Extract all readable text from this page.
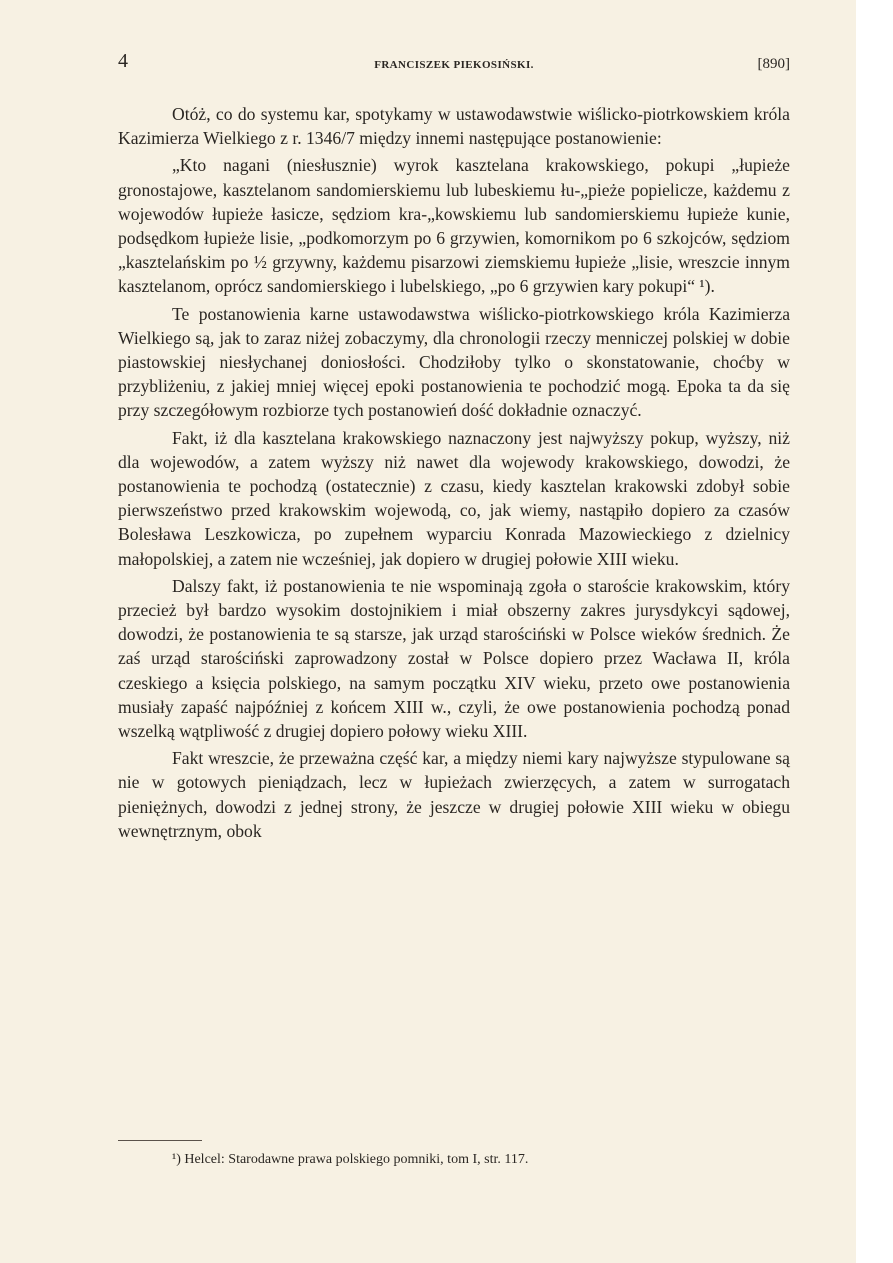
4	FRANCISZEK PIEKOSIŃSKI.	[890]

Otóż, co do systemu kar, spotykamy w ustawodawstwie wiślicko-piotrkowskiem króla Kazimierza Wielkiego z r. 1346/7 między innemi następujące postanowienie:

„Kto nagani (niesłusznie) wyrok kasztelana krakowskiego, pokupi „łupieże gronostajowe, kasztelanom sandomierskiemu lub lubeskiemu łu-„pieże popielicze, każdemu z wojewodów łupieże łasicze, sędziom kra-„kowskiemu lub sandomierskiemu łupieże kunie, podsędkom łupieże lisie, „podkomorzym po 6 grzywien, komornikom po 6 szkojców, sędziom „kasztelańskim po ½ grzywny, każdemu pisarzowi ziemskiemu łupieże „lisie, wreszcie innym kasztelanom, oprócz sandomierskiego i lubelskiego, „po 6 grzywien kary pokupi“ ¹).

Te postanowienia karne ustawodawstwa wiślicko-piotrkowskiego króla Kazimierza Wielkiego są, jak to zaraz niżej zobaczymy, dla chronologii rzeczy menniczej polskiej w dobie piastowskiej niesłychanej doniosłości. Chodziłoby tylko o skonstatowanie, choćby w przybliżeniu, z jakiej mniej więcej epoki postanowienia te pochodzić mogą. Epoka ta da się przy szczegółowym rozbiorze tych postanowień dość dokładnie oznaczyć.

Fakt, iż dla kasztelana krakowskiego naznaczony jest najwyższy pokup, wyższy, niż dla wojewodów, a zatem wyższy niż nawet dla wojewody krakowskiego, dowodzi, że postanowienia te pochodzą (ostatecznie) z czasu, kiedy kasztelan krakowski zdobył sobie pierwszeństwo przed krakowskim wojewodą, co, jak wiemy, nastąpiło dopiero za czasów Bolesława Leszkowicza, po zupełnem wyparciu Konrada Mazowieckiego z dzielnicy małopolskiej, a zatem nie wcześniej, jak dopiero w drugiej połowie XIII wieku.

Dalszy fakt, iż postanowienia te nie wspominają zgoła o staroście krakowskim, który przecież był bardzo wysokim dostojnikiem i miał obszerny zakres jurysdykcyi sądowej, dowodzi, że postanowienia te są starsze, jak urząd starościński w Polsce wieków średnich. Że zaś urząd starościński zaprowadzony został w Polsce dopiero przez Wacława II, króla czeskiego a księcia polskiego, na samym początku XIV wieku, przeto owe postanowienia musiały zapaść najpóźniej z końcem XIII w., czyli, że owe postanowienia pochodzą ponad wszelką wątpliwość z drugiej dopiero połowy wieku XIII.

Fakt wreszcie, że przeważna część kar, a między niemi kary najwyższe stypulowane są nie w gotowych pieniądzach, lecz w łupieżach zwierzęcych, a zatem w surrogatach pieniężnych, dowodzi z jednej strony, że jeszcze w drugiej połowie XIII wieku w obiegu wewnętrznym, obok

¹) Helcel: Starodawne prawa polskiego pomniki, tom I, str. 117.
